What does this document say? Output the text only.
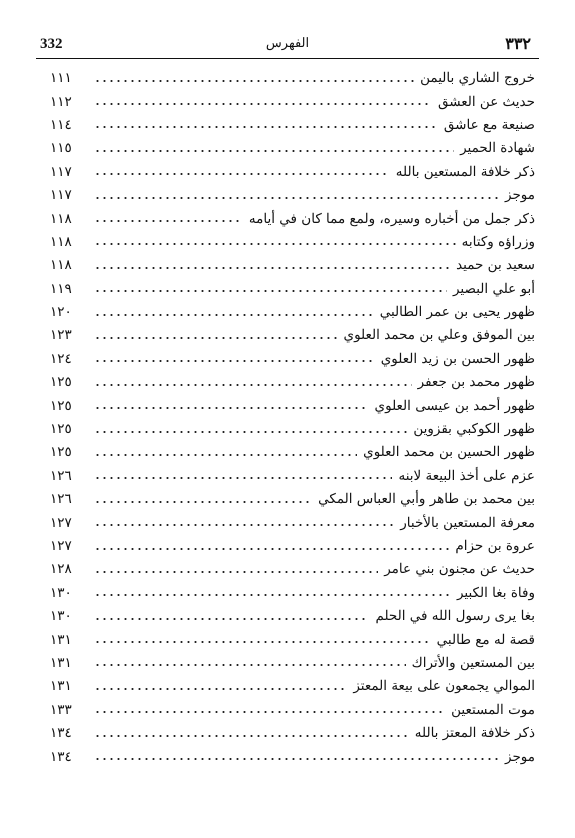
332	الفهرس	٣٣٢
خروج الشاري باليمن
١١١
حديث عن العشق
١١٢
صنيعة مع عاشق
١١٤
شهادة الحمير
١١٥
ذكر خلافة المستعين بالله
١١٧
موجز
١١٧
ذكر جمل من أخباره وسيره، ولمع مما كان في أيامه
١١٨
وزراؤه وكتابه
١١٨
سعيد بن حميد
١١٨
أبو علي البصير
١١٩
ظهور يحيى بن عمر الطالبي
١٢٠
بين الموفق وعلي بن محمد العلوي
١٢٣
ظهور الحسن بن زيد العلوي
١٢٤
ظهور محمد بن جعفر
١٢٥
ظهور أحمد بن عيسى العلوي
١٢٥
ظهور الكوكبي بقزوين
١٢٥
ظهور الحسين بن محمد العلوي
١٢٥
عزم على أخذ البيعة لابنه
١٢٦
بين محمد بن طاهر وأبي العباس المكي
١٢٦
معرفة المستعين بالأخبار
١٢٧
عروة بن حزام
١٢٧
حديث عن مجنون بني عامر
١٢٨
وفاة بغا الكبير
١٣٠
بغا يرى رسول الله في الحلم
١٣٠
قصة له مع طالبي
١٣١
بين المستعين والأتراك
١٣١
الموالي يجمعون على بيعة المعتز
١٣١
موت المستعين
١٣٣
ذكر خلافة المعتز بالله
١٣٤
موجز
١٣٤
